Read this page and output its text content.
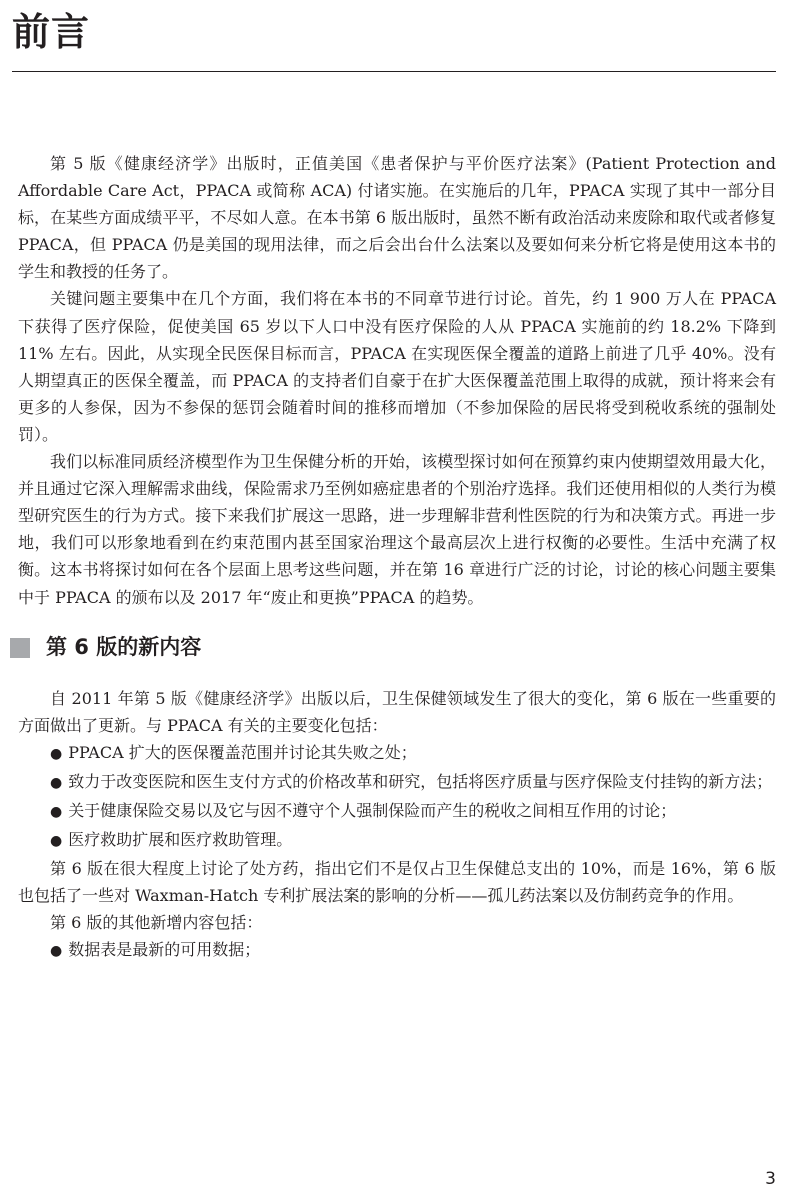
前言

第 5 版《健康经济学》出版时，正值美国《患者保护与平价医疗法案》(Patient Protection and Affordable Care Act，PPACA 或简称 ACA) 付诸实施。在实施后的几年，PPACA 实现了其中一部分目标，在某些方面成绩平平，不尽如人意。在本书第 6 版出版时，虽然不断有政治活动来废除和取代或者修复 PPACA，但 PPACA 仍是美国的现用法律，而之后会出台什么法案以及要如何来分析它将是使用这本书的学生和教授的任务了。

关键问题主要集中在几个方面，我们将在本书的不同章节进行讨论。首先，约 1 900 万人在 PPACA 下获得了医疗保险，促使美国 65 岁以下人口中没有医疗保险的人从 PPACA 实施前的约 18.2% 下降到 11% 左右。因此，从实现全民医保目标而言，PPACA 在实现医保全覆盖的道路上前进了几乎 40%。没有人期望真正的医保全覆盖，而 PPACA 的支持者们自豪于在扩大医保覆盖范围上取得的成就，预计将来会有更多的人参保，因为不参保的惩罚会随着时间的推移而增加（不参加保险的居民将受到税收系统的强制处罚）。

我们以标准同质经济模型作为卫生保健分析的开始，该模型探讨如何在预算约束内使期望效用最大化，并且通过它深入理解需求曲线，保险需求乃至例如癌症患者的个别治疗选择。我们还使用相似的人类行为模型研究医生的行为方式。接下来我们扩展这一思路，进一步理解非营利性医院的行为和决策方式。再进一步地，我们可以形象地看到在约束范围内甚至国家治理这个最高层次上进行权衡的必要性。生活中充满了权衡。这本书将探讨如何在各个层面上思考这些问题，并在第 16 章进行广泛的讨论，讨论的核心问题主要集中于 PPACA 的颁布以及 2017 年“废止和更换”PPACA 的趋势。

第 6 版的新内容

自 2011 年第 5 版《健康经济学》出版以后，卫生保健领域发生了很大的变化，第 6 版在一些重要的方面做出了更新。与 PPACA 有关的主要变化包括：

● PPACA 扩大的医保覆盖范围并讨论其失败之处；
● 致力于改变医院和医生支付方式的价格改革和研究，包括将医疗质量与医疗保险支付挂钩的新方法；
● 关于健康保险交易以及它与因不遵守个人强制保险而产生的税收之间相互作用的讨论；
● 医疗救助扩展和医疗救助管理。

第 6 版在很大程度上讨论了处方药，指出它们不是仅占卫生保健总支出的 10%，而是 16%，第 6 版也包括了一些对 Waxman-Hatch 专利扩展法案的影响的分析——孤儿药法案以及仿制药竞争的作用。

第 6 版的其他新增内容包括：

● 数据表是最新的可用数据；
3
